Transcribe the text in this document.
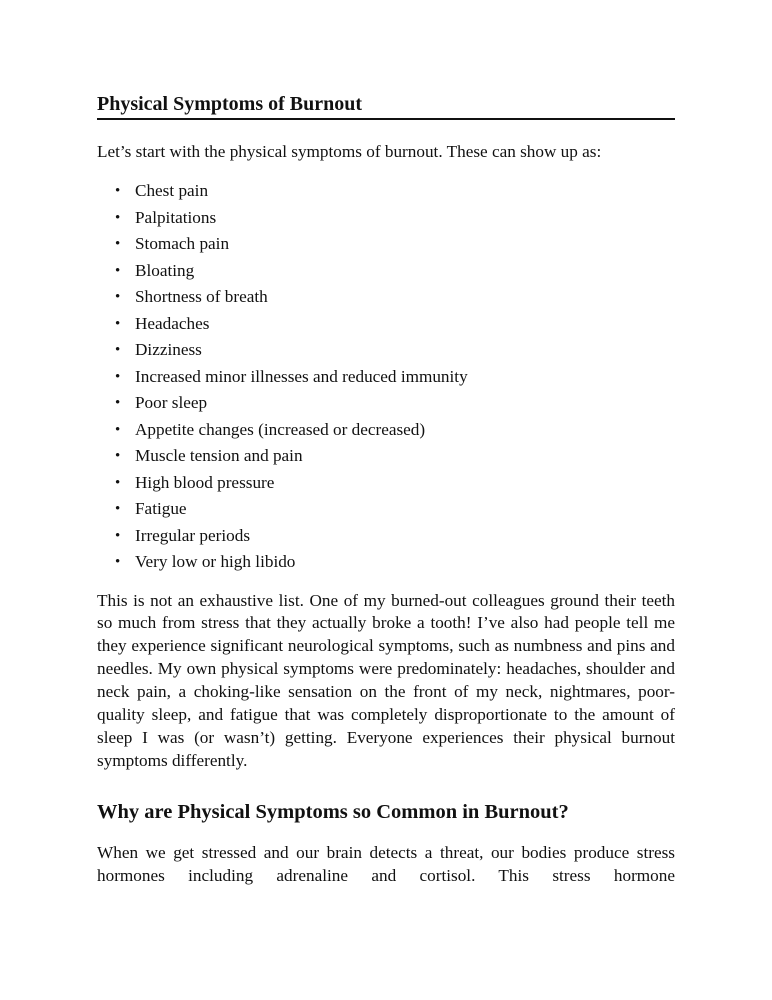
Physical Symptoms of Burnout

Let’s start with the physical symptoms of burnout. These can show up as:

• Chest pain
• Palpitations
• Stomach pain
• Bloating
• Shortness of breath
• Headaches
• Dizziness
• Increased minor illnesses and reduced immunity
• Poor sleep
• Appetite changes (increased or decreased)
• Muscle tension and pain
• High blood pressure
• Fatigue
• Irregular periods
• Very low or high libido

This is not an exhaustive list. One of my burned-out colleagues ground their teeth so much from stress that they actually broke a tooth! I’ve also had people tell me they experience significant neurological symptoms, such as numbness and pins and needles. My own physical symptoms were predominately: headaches, shoulder and neck pain, a choking-like sensation on the front of my neck, nightmares, poor-quality sleep, and fatigue that was completely disproportionate to the amount of sleep I was (or wasn’t) getting. Everyone experiences their physical burnout symptoms differently.

Why are Physical Symptoms so Common in Burnout?

When we get stressed and our brain detects a threat, our bodies produce stress hormones including adrenaline and cortisol. This stress hormone
